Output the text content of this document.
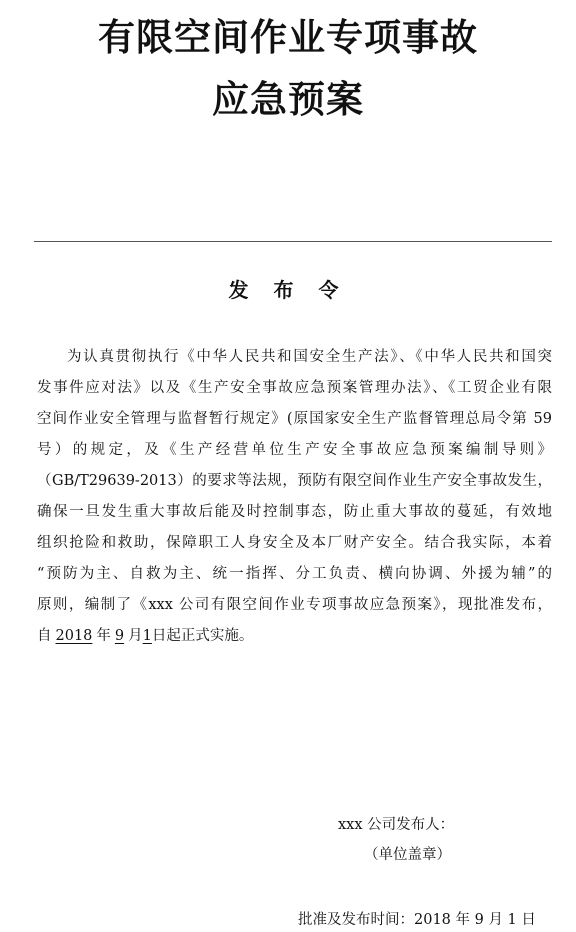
有限空间作业专项事故
应急预案
发 布 令
为认真贯彻执行《中华人民共和国安全生产法》、《中华人民共和国突
发事件应对法》以及《生产安全事故应急预案管理办法》、《工贸企业有限
空间作业安全管理与监督暂行规定》(原国家安全生产监督管理总局令第 59
号）的规定，及《生产经营单位生产安全事故应急预案编制导则》
（GB/T29639-2013）的要求等法规，预防有限空间作业生产安全事故发生，
确保一旦发生重大事故后能及时控制事态，防止重大事故的蔓延，有效地
组织抢险和救助，保障职工人身安全及本厂财产安全。结合我实际，本着
“预防为主、自救为主、统一指挥、分工负责、横向协调、外援为辅”的
原则，编制了《xxx 公司有限空间作业专项事故应急预案》，现批准发布，
自 2018 年 9 月1日起正式实施。
xxx 公司发布人：
（单位盖章）
批准及发布时间：2018 年 9 月 1 日
